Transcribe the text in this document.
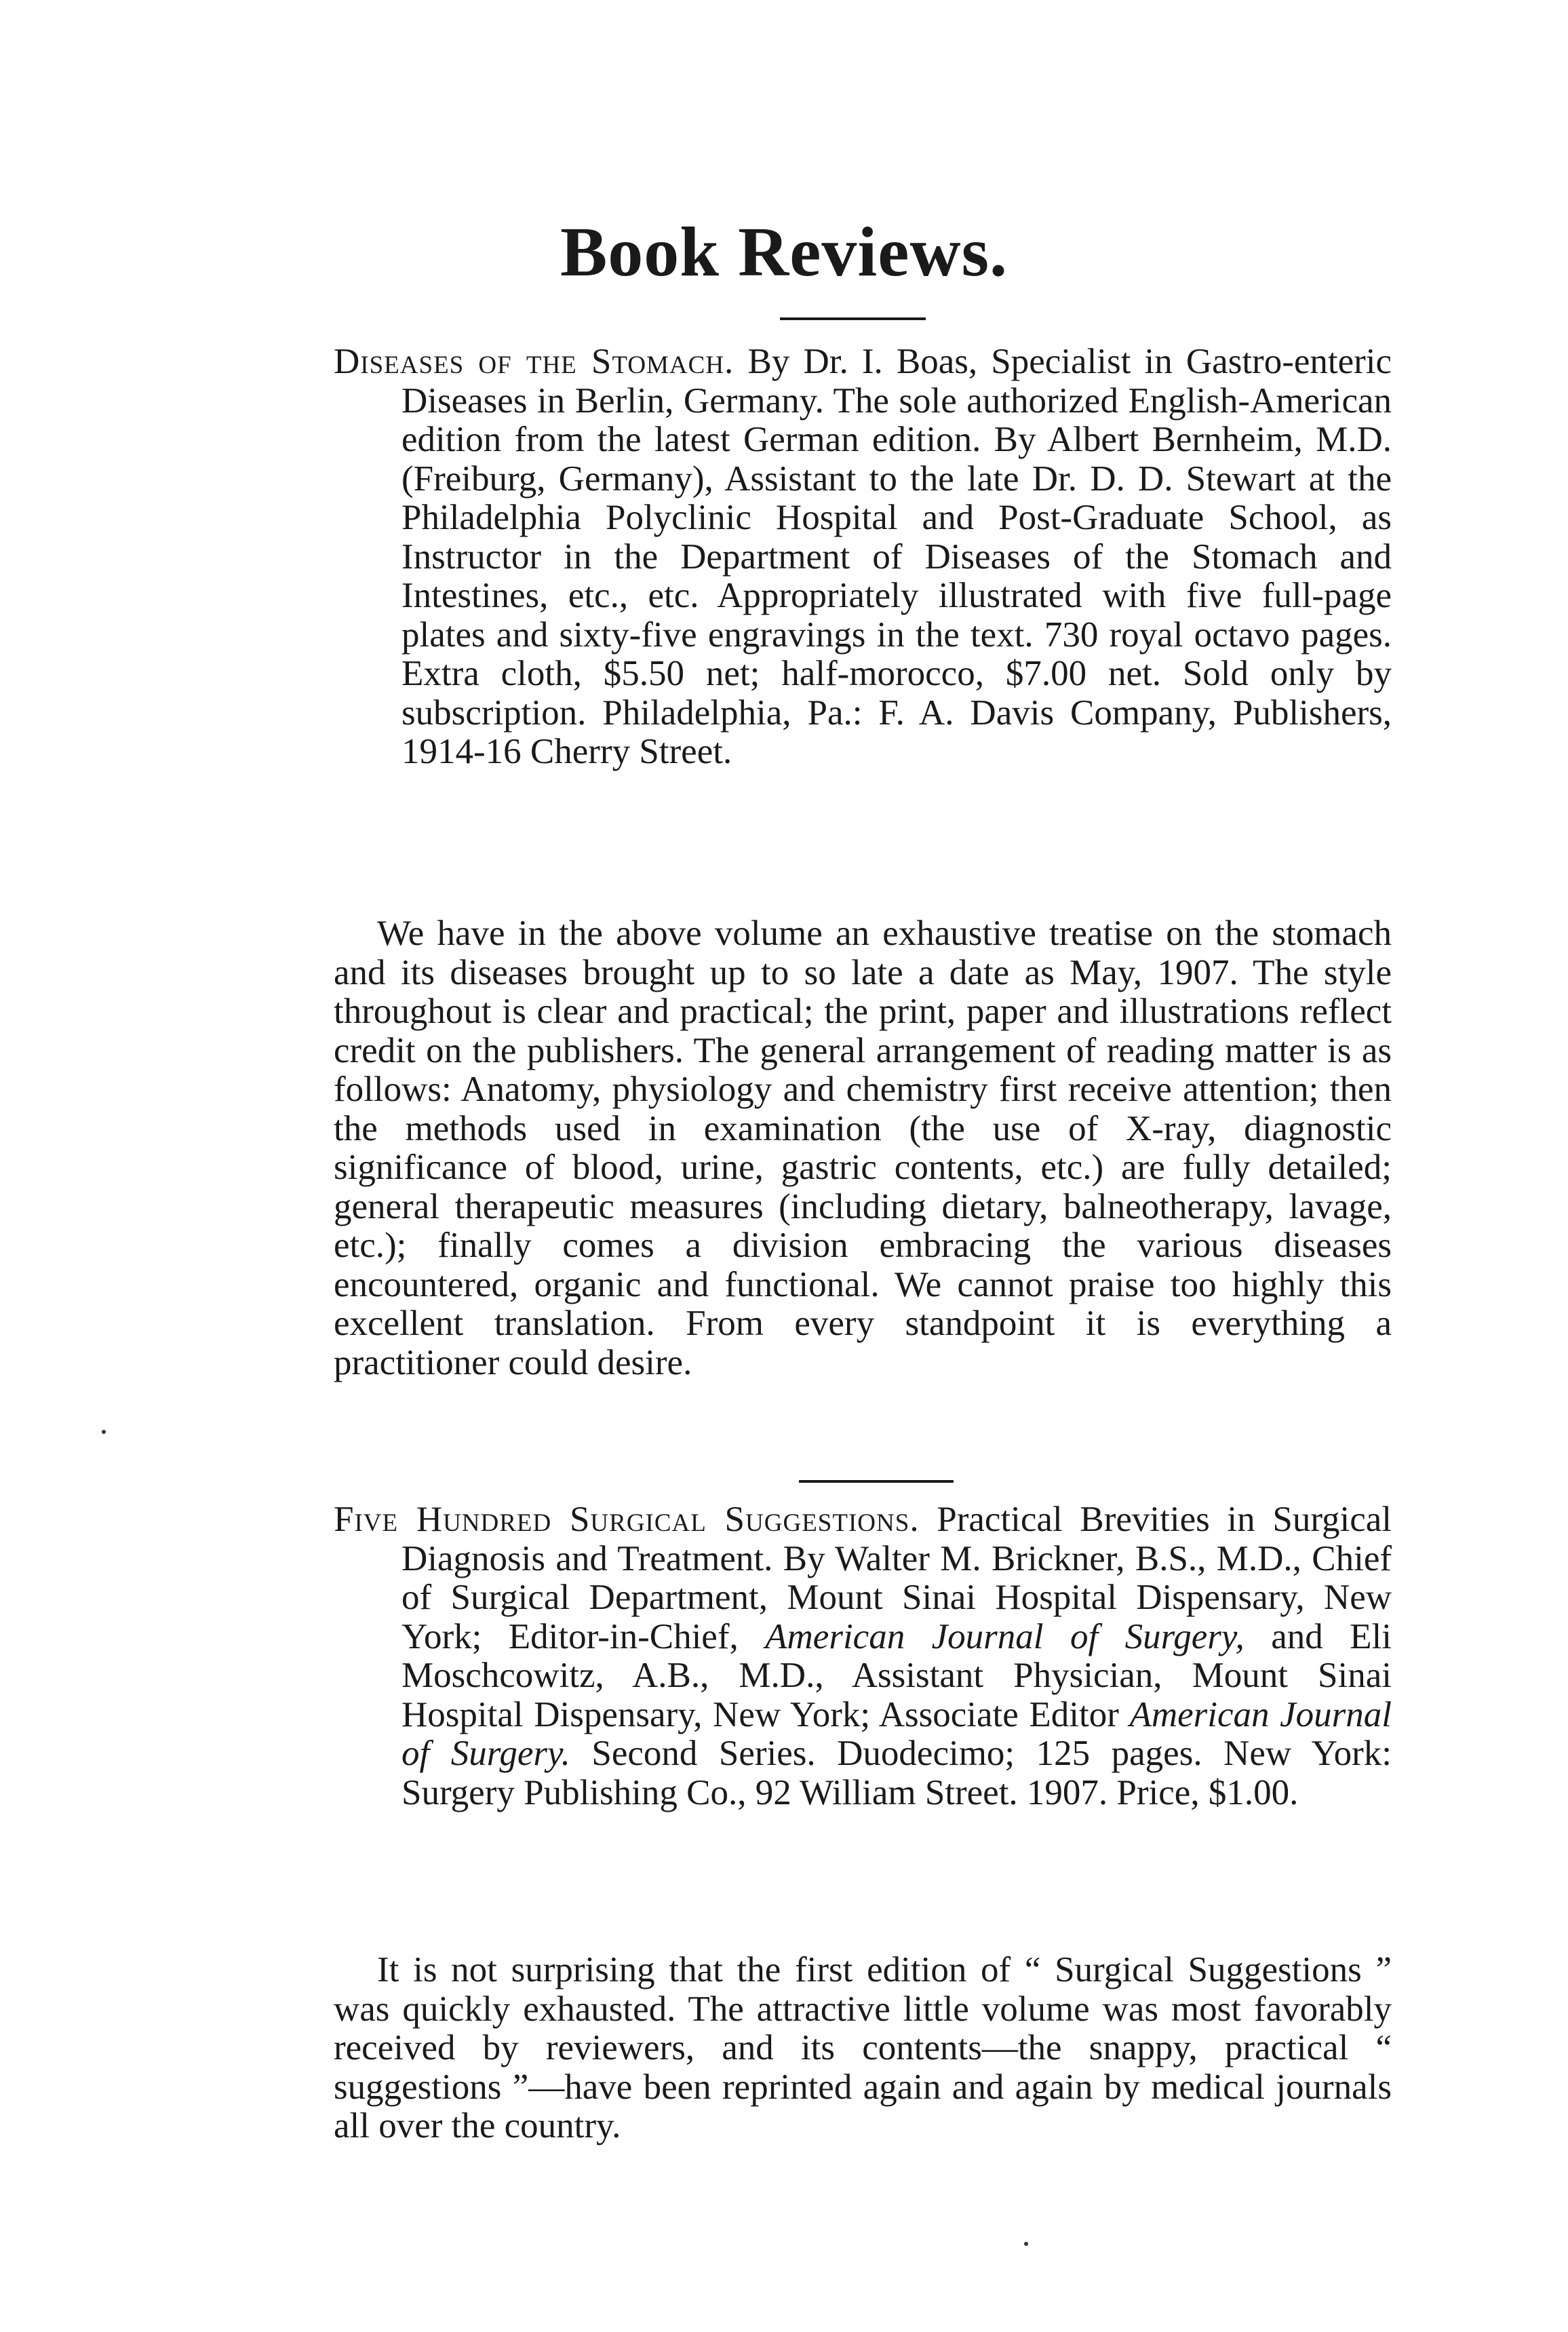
Book Reviews.
Diseases of the Stomach. By Dr. I. Boas, Specialist in Gastro-enteric Diseases in Berlin, Germany. The sole authorized English-American edition from the latest German edition. By Albert Bernheim, M.D. (Freiburg, Germany), Assistant to the late Dr. D. D. Stewart at the Philadelphia Polyclinic Hospital and Post-Graduate School, as Instructor in the Department of Diseases of the Stomach and Intestines, etc., etc. Appropriately illustrated with five full-page plates and sixty-five engravings in the text. 730 royal octavo pages. Extra cloth, $5.50 net; half-morocco, $7.00 net. Sold only by subscription. Philadelphia, Pa.: F. A. Davis Company, Publishers, 1914-16 Cherry Street.
We have in the above volume an exhaustive treatise on the stomach and its diseases brought up to so late a date as May, 1907. The style throughout is clear and practical; the print, paper and illustrations reflect credit on the publishers. The general arrangement of reading matter is as follows: Anatomy, physiology and chemistry first receive attention; then the methods used in examination (the use of X-ray, diagnostic significance of blood, urine, gastric contents, etc.) are fully detailed; general therapeutic measures (including dietary, balneotherapy, lavage, etc.); finally comes a division embracing the various diseases encountered, organic and functional. We cannot praise too highly this excellent translation. From every standpoint it is everything a practitioner could desire.
Five Hundred Surgical Suggestions. Practical Brevities in Surgical Diagnosis and Treatment. By Walter M. Brickner, B.S., M.D., Chief of Surgical Department, Mount Sinai Hospital Dispensary, New York; Editor-in-Chief, American Journal of Surgery, and Eli Moschcowitz, A.B., M.D., Assistant Physician, Mount Sinai Hospital Dispensary, New York; Associate Editor American Journal of Surgery. Second Series. Duodecimo; 125 pages. New York: Surgery Publishing Co., 92 William Street. 1907. Price, $1.00.
It is not surprising that the first edition of “ Surgical Suggestions ” was quickly exhausted. The attractive little volume was most favorably received by reviewers, and its contents—the snappy, practical “ suggestions ”—have been reprinted again and again by medical journals all over the country.
